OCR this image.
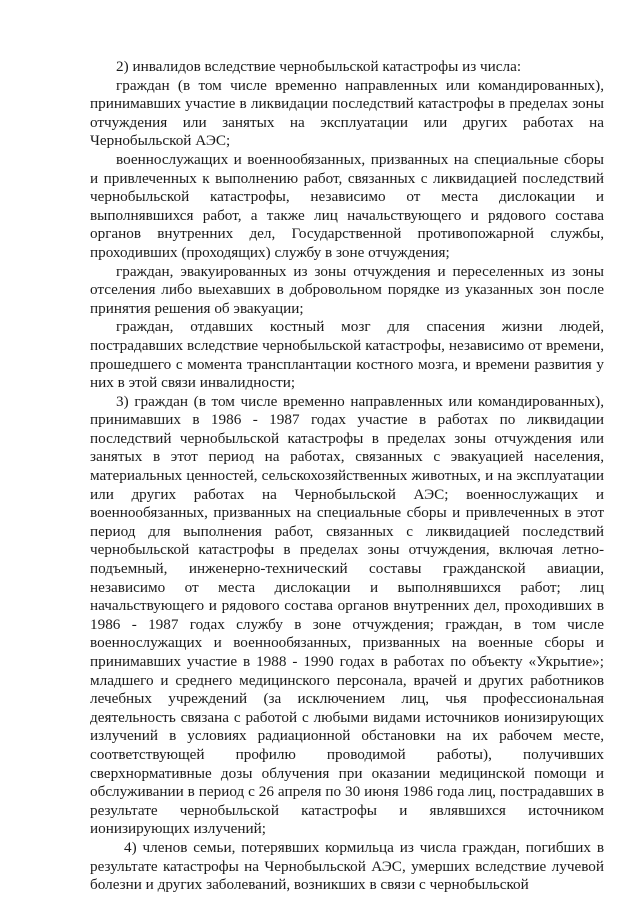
2) инвалидов вследствие чернобыльской катастрофы из числа:

граждан (в том числе временно направленных или командированных), принимавших участие в ликвидации последствий катастрофы в пределах зоны отчуждения или занятых на эксплуатации или других работах на Чернобыльской АЭС;

военнослужащих и военнообязанных, призванных на специальные сборы и привлеченных к выполнению работ, связанных с ликвидацией последствий чернобыльской катастрофы, независимо от места дислокации и выполнявшихся работ, а также лиц начальствующего и рядового состава органов внутренних дел, Государственной противопожарной службы, проходивших (проходящих) службу в зоне отчуждения;

граждан, эвакуированных из зоны отчуждения и переселенных из зоны отселения либо выехавших в добровольном порядке из указанных зон после принятия решения об эвакуации;

граждан, отдавших костный мозг для спасения жизни людей, пострадавших вследствие чернобыльской катастрофы, независимо от времени, прошедшего с момента трансплантации костного мозга, и времени развития у них в этой связи инвалидности;

3) граждан (в том числе временно направленных или командированных), принимавших в 1986 - 1987 годах участие в работах по ликвидации последствий чернобыльской катастрофы в пределах зоны отчуждения или занятых в этот период на работах, связанных с эвакуацией населения, материальных ценностей, сельскохозяйственных животных, и на эксплуатации или других работах на Чернобыльской АЭС; военнослужащих и военнообязанных, призванных на специальные сборы и привлеченных в этот период для выполнения работ, связанных с ликвидацией последствий чернобыльской катастрофы в пределах зоны отчуждения, включая летно-подъемный, инженерно-технический составы гражданской авиации, независимо от места дислокации и выполнявшихся работ; лиц начальствующего и рядового состава органов внутренних дел, проходивших в 1986 - 1987 годах службу в зоне отчуждения; граждан, в том числе военнослужащих и военнообязанных, призванных на военные сборы и принимавших участие в 1988 - 1990 годах в работах по объекту «Укрытие»; младшего и среднего медицинского персонала, врачей и других работников лечебных учреждений (за исключением лиц, чья профессиональная деятельность связана с работой с любыми видами источников ионизирующих излучений в условиях радиационной обстановки на их рабочем месте, соответствующей профилю проводимой работы), получивших сверхнормативные дозы облучения при оказании медицинской помощи и обслуживании в период с 26 апреля по 30 июня 1986 года лиц, пострадавших в результате чернобыльской катастрофы и являвшихся источником ионизирующих излучений;

4) членов семьи, потерявших кормильца из числа граждан, погибших в результате катастрофы на Чернобыльской АЭС, умерших вследствие лучевой болезни и других заболеваний, возникших в связи с чернобыльской
